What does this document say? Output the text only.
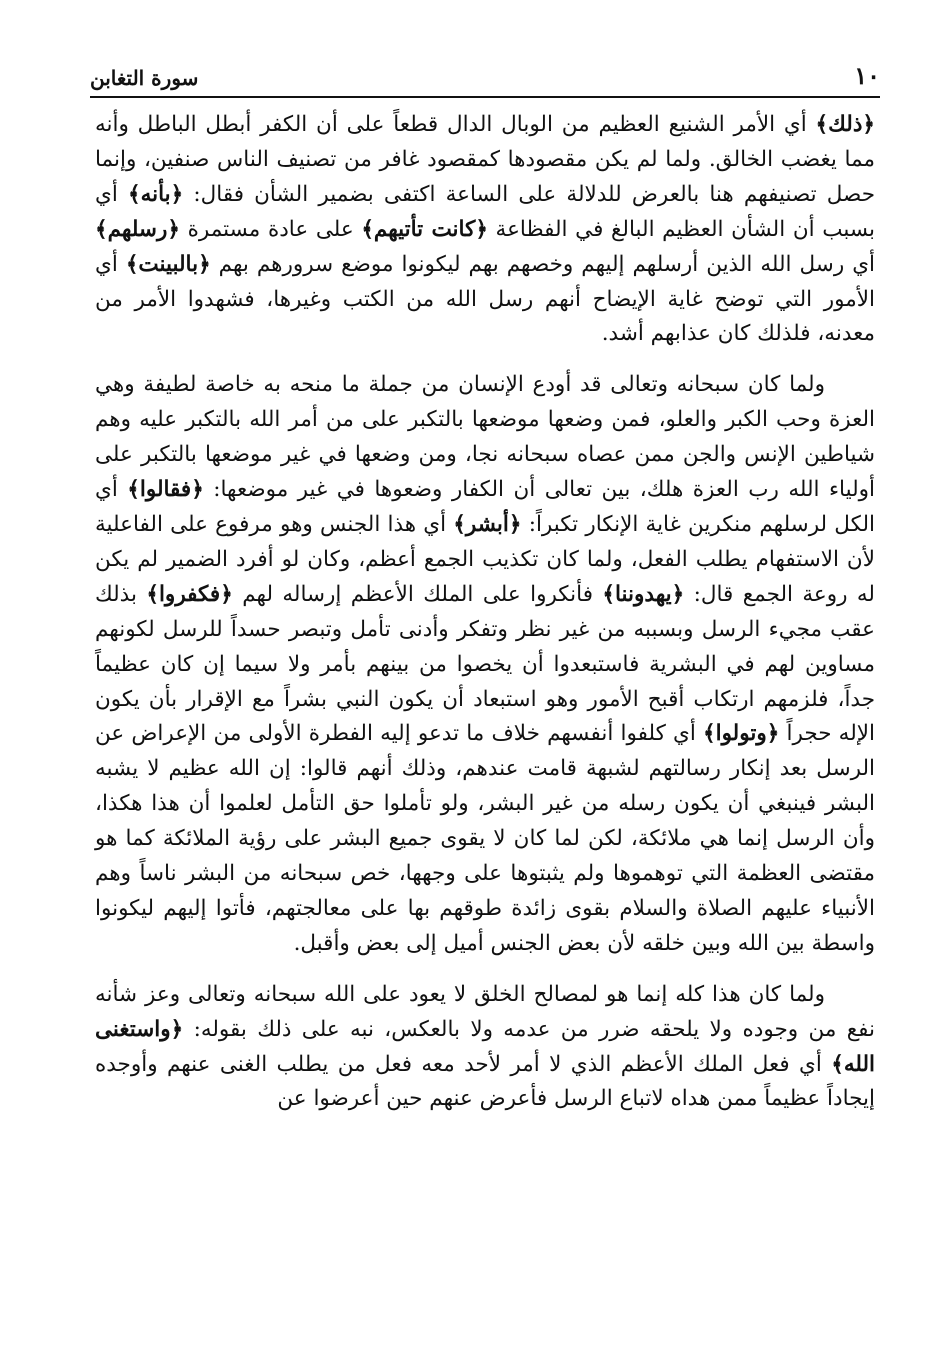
١٠
سورة التغابن

﴿ذلك﴾ أي الأمر الشنيع العظيم من الوبال الدال قطعاً على أن الكفر أبطل الباطل وأنه مما يغضب الخالق. ولما لم يكن مقصودها كمقصود غافر من تصنيف الناس صنفين، وإنما حصل تصنيفهم هنا بالعرض للدلالة على الساعة اكتفى بضمير الشأن فقال: ﴿بأنه﴾ أي بسبب أن الشأن العظيم البالغ في الفظاعة ﴿كانت تأتيهم﴾ على عادة مستمرة ﴿رسلهم﴾ أي رسل الله الذين أرسلهم إليهم وخصهم بهم ليكونوا موضع سرورهم بهم ﴿بالبينت﴾ أي الأمور التي توضح غاية الإيضاح أنهم رسل الله من الكتب وغيرها، فشهدوا الأمر من معدنه، فلذلك كان عذابهم أشد.

ولما كان سبحانه وتعالى قد أودع الإنسان من جملة ما منحه به خاصة لطيفة وهي العزة وحب الكبر والعلو، فمن وضعها موضعها بالتكبر على من أمر الله بالتكبر عليه وهم شياطين الإنس والجن ممن عصاه سبحانه نجا، ومن وضعها في غير موضعها بالتكبر على أولياء الله رب العزة هلك، بين تعالى أن الكفار وضعوها في غير موضعها: ﴿فقالوا﴾ أي الكل لرسلهم منكرين غاية الإنكار تكبراً: ﴿أبشر﴾ أي هذا الجنس وهو مرفوع على الفاعلية لأن الاستفهام يطلب الفعل، ولما كان تكذيب الجمع أعظم، وكان لو أفرد الضمير لم يكن له روعة الجمع قال: ﴿يهدوننا﴾ فأنكروا على الملك الأعظم إرساله لهم ﴿فكفروا﴾ بذلك عقب مجيء الرسل وبسببه من غير نظر وتفكر وأدنى تأمل وتبصر حسداً للرسل لكونهم مساوين لهم في البشرية فاستبعدوا أن يخصوا من بينهم بأمر ولا سيما إن كان عظيماً جداً، فلزمهم ارتكاب أقبح الأمور وهو استبعاد أن يكون النبي بشراً مع الإقرار بأن يكون الإله حجراً ﴿وتولوا﴾ أي كلفوا أنفسهم خلاف ما تدعو إليه الفطرة الأولى من الإعراض عن الرسل بعد إنكار رسالتهم لشبهة قامت عندهم، وذلك أنهم قالوا: إن الله عظيم لا يشبه البشر فينبغي أن يكون رسله من غير البشر، ولو تأملوا حق التأمل لعلموا أن هذا هكذا، وأن الرسل إنما هي ملائكة، لكن لما كان لا يقوى جميع البشر على رؤية الملائكة كما هو مقتضى العظمة التي توهموها ولم يثبتوها على وجهها، خص سبحانه من البشر ناساً وهم الأنبياء عليهم الصلاة والسلام بقوى زائدة طوقهم بها على معالجتهم، فأتوا إليهم ليكونوا واسطة بين الله وبين خلقه لأن بعض الجنس أميل إلى بعض وأقبل.

ولما كان هذا كله إنما هو لمصالح الخلق لا يعود على الله سبحانه وتعالى وعز شأنه نفع من وجوده ولا يلحقه ضرر من عدمه ولا بالعكس، نبه على ذلك بقوله: ﴿واستغنى الله﴾ أي فعل الملك الأعظم الذي لا أمر لأحد معه فعل من يطلب الغنى عنهم وأوجده إيجاداً عظيماً ممن هداه لاتباع الرسل فأعرض عنهم حين أعرضوا عن
